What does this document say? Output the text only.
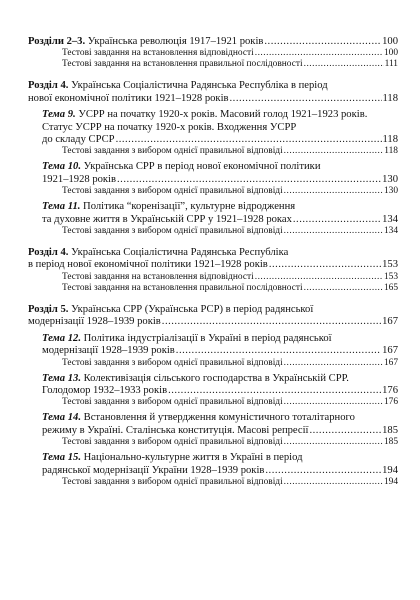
Розділи 2–3. Українська революція 1917–1921 років .....	100
Тестові завдання на встановлення відповідності .....	100
Тестові завдання на встановлення правильної послідовності .....	111
Розділ 4. Українська Соціалістична Радянська Республіка в період
нової економічної політики 1921–1928 років .....	118
Тема 9. УСРР на початку 1920-х років. Масовий голод 1921–1923 років.
Статус УСРР на початку 1920-х років. Входження УСРР
до складу СРСР .....	118
Тестові завдання з вибором однієї правильної відповіді .....	118
Тема 10. Українська СРР в період нової економічної політики
1921–1928 років .....	130
Тестові завдання з вибором однієї правильної відповіді .....	130
Тема 11. Політика “коренізації”, культурне відродження
та духовне життя в Українській СРР у 1921–1928 роках .....	134
Тестові завдання з вибором однієї правильної відповіді .....	134
Розділ 4. Українська Соціалістична Радянська Республіка
в період нової економічної політики 1921–1928 років .....	153
Тестові завдання на встановлення відповідності .....	153
Тестові завдання на встановлення правильної послідовності .....	165
Розділ 5. Українська СРР (Українська РСР) в період радянської
модернізації 1928–1939 років .....	167
Тема 12. Політика індустріалізації в Україні в період радянської
модернізації 1928–1939 років .....	167
Тестові завдання з вибором однієї правильної відповіді .....	167
Тема 13. Колективізація сільського господарства в Українській СРР.
Голодомор 1932–1933 років .....	176
Тестові завдання з вибором однієї правильної відповіді .....	176
Тема 14. Встановлення й утвердження комуністичного тоталітарного
режиму в Україні. Сталінська конституція. Масові репресії .....	185
Тестові завдання з вибором однієї правильної відповіді .....	185
Тема 15. Національно-культурне життя в Україні в період
радянської модернізації України 1928–1939 років .....	194
Тестові завдання з вибором однієї правильної відповіді .....	194
